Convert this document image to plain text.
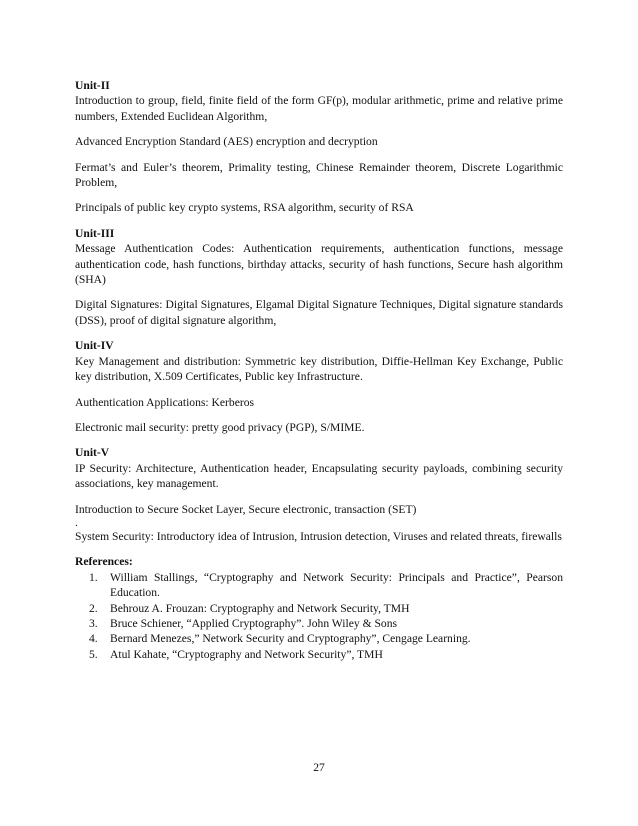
Unit-II

Introduction to group, field, finite field of the form GF(p), modular arithmetic, prime and relative prime numbers, Extended Euclidean Algorithm,

Advanced Encryption Standard (AES) encryption and decryption

Fermat’s and Euler’s theorem, Primality testing, Chinese Remainder theorem, Discrete Logarithmic Problem,

Principals of public key crypto systems, RSA algorithm, security of RSA

Unit-III

Message Authentication Codes: Authentication requirements, authentication functions, message authentication code, hash functions, birthday attacks, security of hash functions, Secure hash algorithm (SHA)

Digital Signatures: Digital Signatures, Elgamal Digital Signature Techniques, Digital signature standards (DSS), proof of digital signature algorithm,

Unit-IV

Key Management and distribution: Symmetric key distribution, Diffie-Hellman Key Exchange, Public key distribution, X.509 Certificates, Public key Infrastructure.

Authentication Applications: Kerberos

Electronic mail security: pretty good privacy (PGP), S/MIME.

Unit-V

IP Security: Architecture, Authentication header, Encapsulating security payloads, combining security associations, key management.

Introduction to Secure Socket Layer, Secure electronic, transaction (SET)

.

System Security: Introductory idea of Intrusion, Intrusion detection, Viruses and related threats, firewalls

References:

1. William Stallings, “Cryptography and Network Security: Principals and Practice”, Pearson Education.
2. Behrouz A. Frouzan: Cryptography and Network Security, TMH
3. Bruce Schiener, “Applied Cryptography”. John Wiley & Sons
4. Bernard Menezes,” Network Security and Cryptography”, Cengage Learning.
5. Atul Kahate, “Cryptography and Network Security”, TMH
27
